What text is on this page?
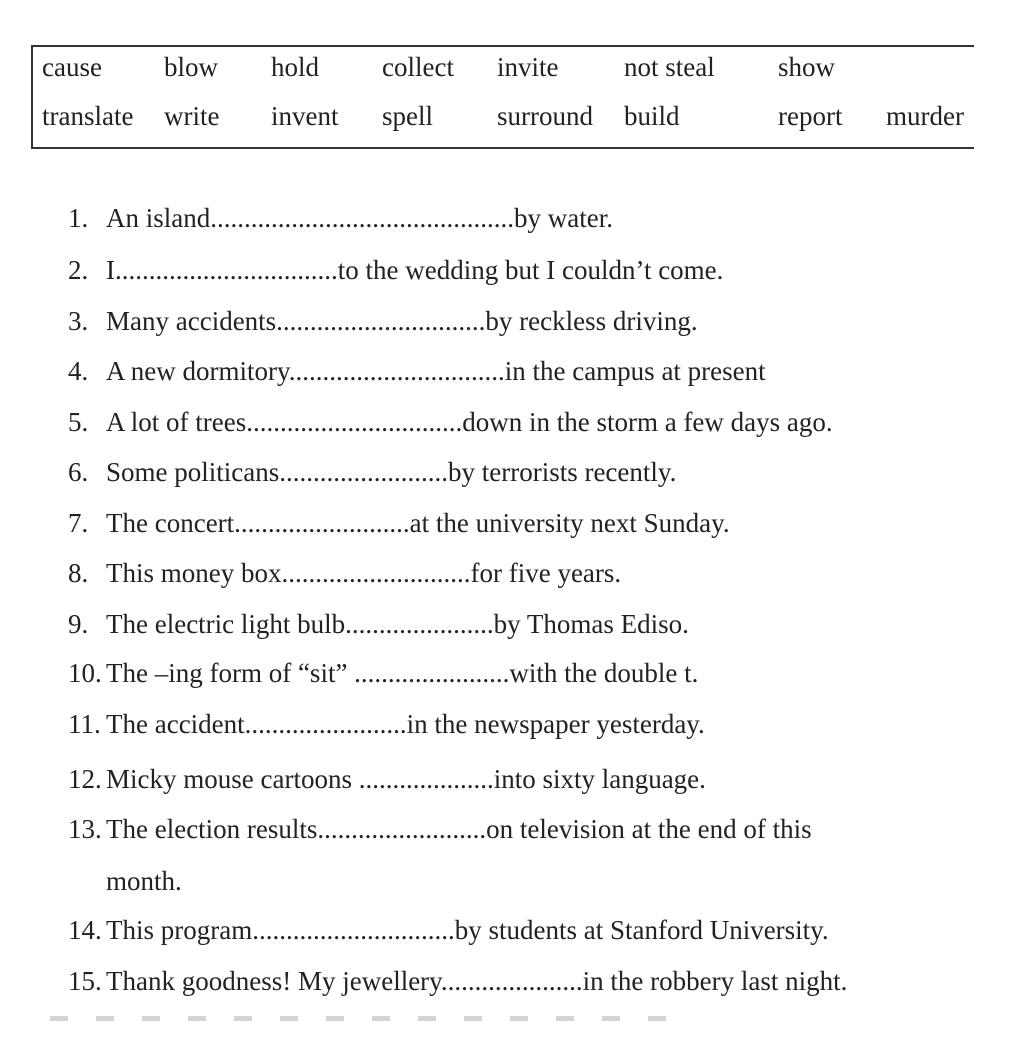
cause blow hold collect invite not steal show
translate write invent spell surround build	report murder
1. An island.............................................by water.
2. I.................................to the wedding but I couldn’t come.
3. Many accidents...............................by reckless driving.
4. A new dormitory................................in the campus at present
5. A lot of trees................................down in the storm a few days ago.
6. Some politicans.........................by terrorists recently.
7. The concert..........................at the university next Sunday.
8. This money box............................for five years.
9. The electric light bulb......................by Thomas Ediso.
10. The –ing form of “sit” .......................with the double t.
11. The accident........................in the newspaper yesterday.
12. Micky mouse cartoons ....................into sixty language.
13. The election results.........................on television at the end of this
month.
14. This program..............................by students at Stanford University.
15. Thank goodness! My jewellery.....................in the robbery last night.
